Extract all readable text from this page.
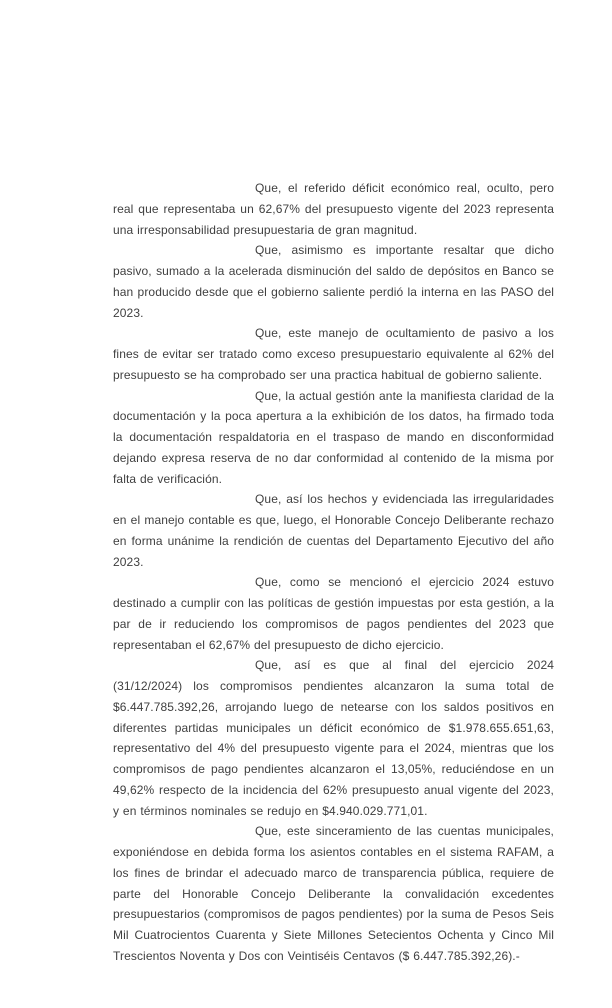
Que, el referido déficit económico real, oculto, pero real que representaba un 62,67% del presupuesto vigente del 2023 representa una irresponsabilidad presupuestaria de gran magnitud.

Que, asimismo es importante resaltar que dicho pasivo, sumado a la acelerada disminución del saldo de depósitos en Banco se han producido desde que el gobierno saliente perdió la interna en las PASO del 2023.

Que, este manejo de ocultamiento de pasivo a los fines de evitar ser tratado como exceso presupuestario equivalente al 62% del presupuesto se ha comprobado ser una practica habitual de gobierno saliente.

Que, la actual gestión ante la manifiesta claridad de la documentación y la poca apertura a la exhibición de los datos, ha firmado toda la documentación respaldatoria en el traspaso de mando en disconformidad dejando expresa reserva de no dar conformidad al contenido de la misma por falta de verificación.

Que, así los hechos y evidenciada las irregularidades en el manejo contable es que, luego, el Honorable Concejo Deliberante rechazo en forma unánime la rendición de cuentas del Departamento Ejecutivo del año 2023.

Que, como se mencionó el ejercicio 2024 estuvo destinado a cumplir con las políticas de gestión impuestas por esta gestión, a la par de ir reduciendo los compromisos de pagos pendientes del 2023 que representaban el 62,67% del presupuesto de dicho ejercicio.

Que, así es que al final del ejercicio 2024 (31/12/2024) los compromisos pendientes alcanzaron la suma total de $6.447.785.392,26, arrojando luego de netearse con los saldos positivos en diferentes partidas municipales un déficit económico de $1.978.655.651,63, representativo del 4% del presupuesto vigente para el 2024, mientras que los compromisos de pago pendientes alcanzaron el 13,05%, reduciéndose en un 49,62% respecto de la incidencia del 62% presupuesto anual vigente del 2023, y en términos nominales se redujo en $4.940.029.771,01.

Que, este sinceramiento de las cuentas municipales, exponiéndose en debida forma los asientos contables en el sistema RAFAM, a los fines de brindar el adecuado marco de transparencia pública, requiere de parte del Honorable Concejo Deliberante la convalidación excedentes presupuestarios (compromisos de pagos pendientes) por la suma de Pesos Seis Mil Cuatrocientos Cuarenta y Siete Millones Setecientos Ochenta y Cinco Mil Trescientos Noventa y Dos con Veintiséis Centavos ($ 6.447.785.392,26).-
